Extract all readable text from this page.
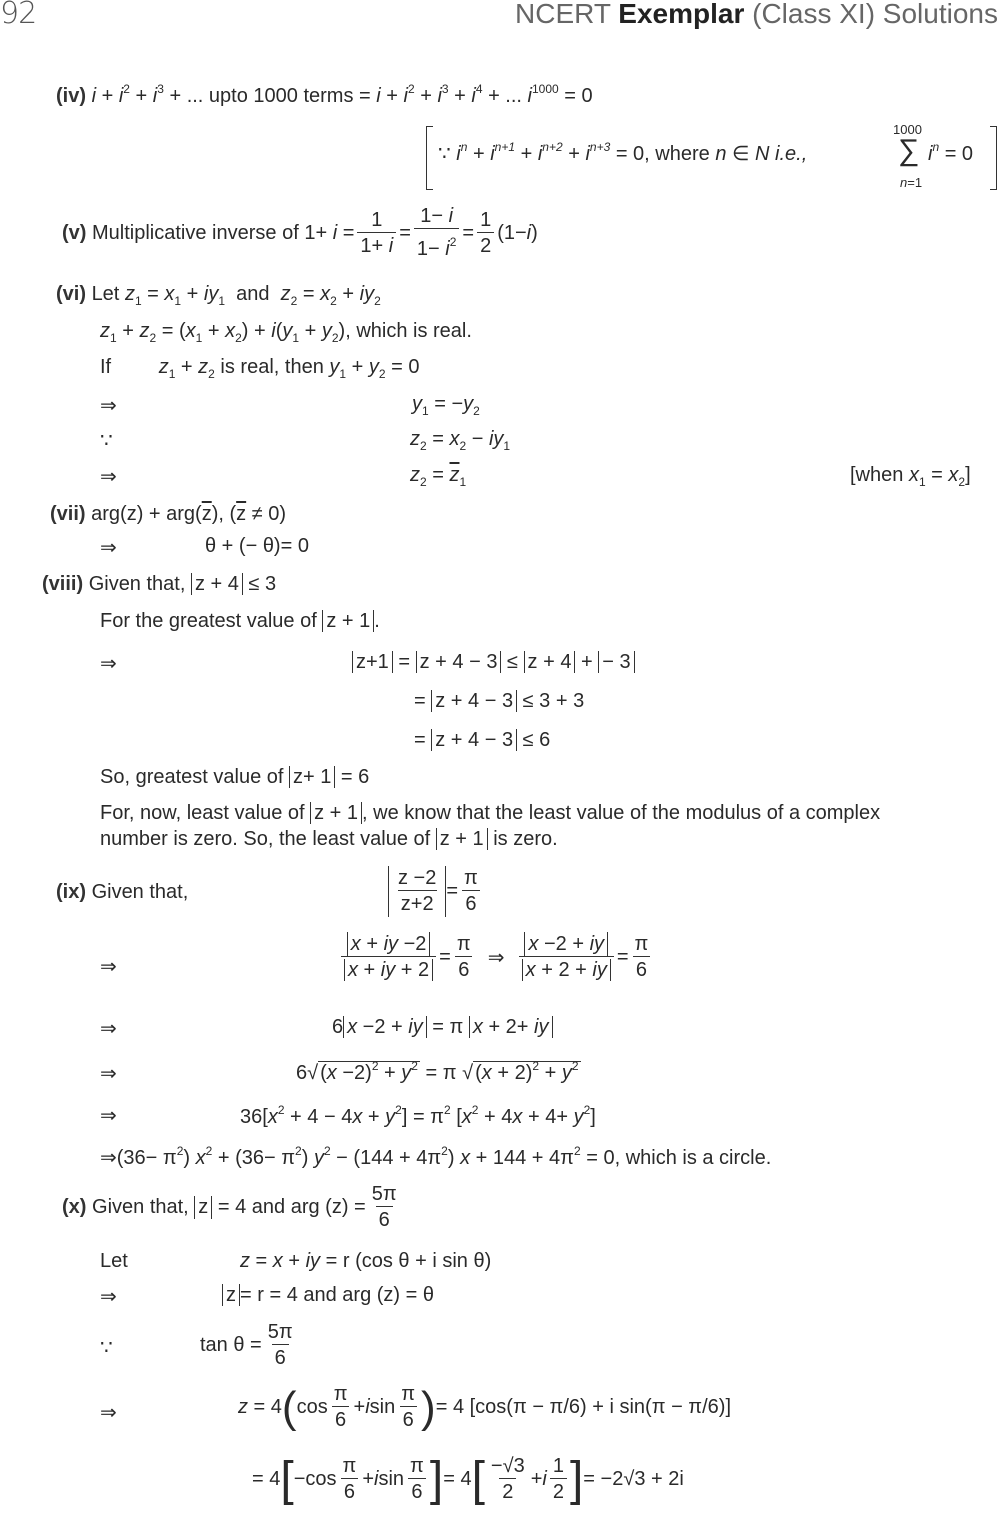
92	NCERT Exemplar (Class XI) Solutions
(iv) $i + i^2 + i^3$ + ... upto 1000 terms = $i + i^2 + i^3 + i^4$ + ... $i^{1000} = 0$
∵ $i^n + i^{n+1} + i^{n+2} + i^{n+3} = 0$, where n ∈ N i.e.,
1000
∑
n=1
$i^n = 0$
(v)
Multiplicative inverse of 1+
$i = \frac{1}{1+ i} = \frac{1- i}{1- i^2} = \frac{1}{2} (1- i$ )
(vi) Let $z_1 = x_1 + iy_1$ and $z_2 = x_2 + iy_2$
$z_1 + z_2 = (x_1 + x_2) + i(y_1 + y_2)$, which is real.
If $z_1 + z_2$ is real, then $y_1 + y_2 = 0$
⇒	$y_1 = -y_2$
∵	$z_2 = x_2 - iy_1$
⇒	$z_2 = \overline{z}_1$	[when $x_1 = x_2$]
(vii) $arg(z) + arg(\overline{z})$, $(\overline{z} \ne 0)$
⇒	θ + (− θ)= 0
(viii) Given that, z + 4 ≤ 3
For the greatest value of z + 1 .
⇒	z+1 = z + 4 − 3 ≤ z + 4 + − 3
= z + 4 − 3 ≤ 3 + 3
= z + 4 − 3 ≤ 6
So, greatest value of z+ 1 = 6
For, now, least value of z + 1 , we know that the least value of the modulus of a complex
number is zero. So, the least value of z + 1 is zero.
(ix) Given that,	$\frac{z -2}{z+2} = \frac{\pi}{6}$
⇒	$\frac{x + iy -2}{x + iy + 2} = \frac{\pi}{6}$ ⇒ $\frac{x -2 + iy}{x + 2 + iy} = \frac{\pi}{6}$
⇒	6 x −2 + iy = π x + 2+ iy
⇒	6√ $(x -2)^2 + y^2 = \pi$ √ $(x + 2)^2 + y^2$
⇒	$36[x^2 + 4 - 4x + y^2] = \pi^2$ $[x^2 + 4x + 4+ y^2]$
⇒(36− $\pi^2$) $x^2 + (36- \pi^2) y^2 - (144 + 4\pi^2) x + 144 + 4\pi^2 = 0$, which is a circle.
(x)
Given that,
z
= 4 and arg $(z) = \frac{5\pi}{6}$
Let	z = x + iy = r (cos θ + i sin θ)
⇒	z = r = 4 and arg (z) = θ
∵	$\tan \theta = \frac{5\pi}{6}$
⇒	z = 4 ( $\cos \frac{\pi}{6} + i$ $\sin \frac{\pi}{6}$ ) = 4 [cos(π − π/6) + i sin(π − π/6)]
= 4 [ $-\cos \frac{\pi}{6} + i$ $\sin \frac{\pi}{6}$ ] = 4 [ $\frac{-√3}{2} + i \frac{1}{2}$ ] = −2√3 + 2i
